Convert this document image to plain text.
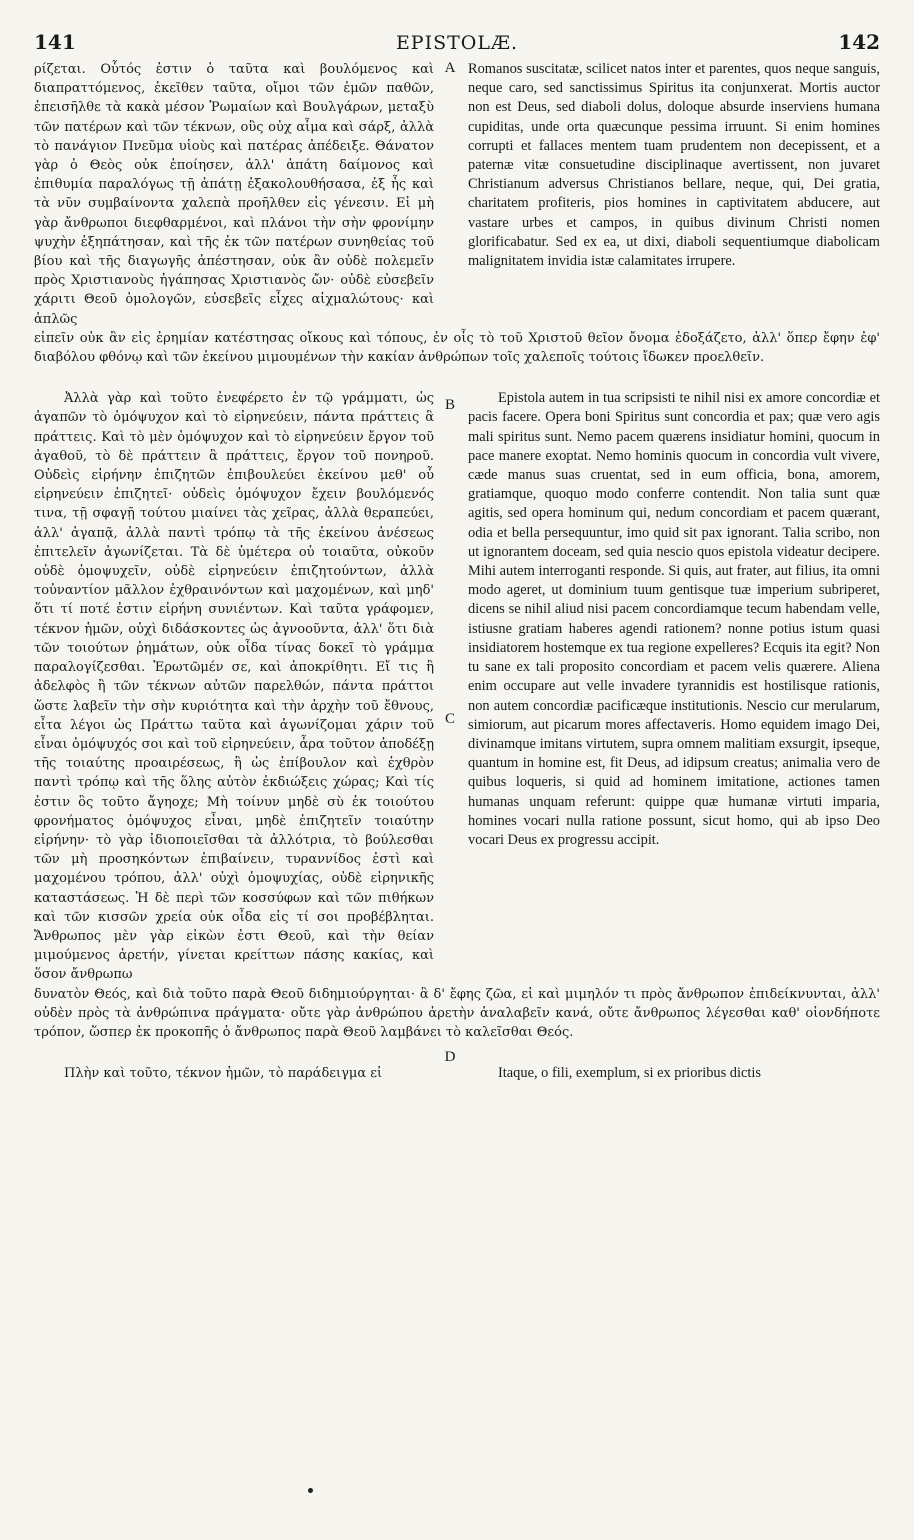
141	EPISTOLÆ.	142
A

ρίζεται. Οὗτός ἐστιν ὁ ταῦτα καὶ βουλόμενος καὶ διαπραττόμενος, ἐκεῖθεν ταῦτα, οἴμοι τῶν ἐμῶν παθῶν, ἐπεισῆλθε τὰ κακὰ μέσον Ῥωμαίων καὶ Βουλγάρων, μεταξὺ τῶν πατέρων καὶ τῶν τέκνων, οὓς οὐχ αἷμα καὶ σάρξ, ἀλλὰ τὸ πανάγιον Πνεῦμα υἱοὺς καὶ πατέρας ἀπέδειξε. Θάνατον γὰρ ὁ Θεὸς οὐκ ἐποίησεν, ἀλλ' ἀπάτη δαίμονος καὶ ἐπιθυμία παραλόγως τῇ ἀπάτῃ ἐξακολουθήσασα, ἐξ ἧς καὶ τὰ νῦν συμβαίνοντα χαλεπὰ προῆλθεν εἰς γένεσιν. Εἰ μὴ γὰρ ἄνθρωποι διεφθαρμένοι, καὶ πλάνοι τὴν σὴν φρονίμην ψυχὴν ἐξηπάτησαν, καὶ τῆς ἐκ τῶν πατέρων συνηθείας τοῦ βίου καὶ τῆς διαγωγῆς ἀπέστησαν, οὐκ ἂν οὐδὲ πολεμεῖν πρὸς Χριστιανοὺς ἠγάπησας Χριστιανὸς ὤν· οὐδὲ εὐσεβεῖν χάριτι Θεοῦ ὁμολογῶν, εὐσεβεῖς εἶχες αἰχμαλώτους· καὶ ἁπλῶς

Romanos suscitatæ, scilicet natos inter et parentes, quos neque sanguis, neque caro, sed sanctissimus Spiritus ita conjunxerat. Mortis auctor non est Deus, sed diaboli dolus, doloque absurde inserviens humana cupiditas, unde orta quæcunque pessima irruunt. Si enim homines corrupti et fallaces mentem tuam prudentem non decepissent, et a paternæ vitæ consuetudine disciplinaque avertissent, non juvaret Christianum adversus Christianos bellare, neque, qui, Dei gratia, charitatem profiteris, pios homines in captivitatem abducere, aut vastare urbes et campos, in quibus divinum Christi nomen glorificabatur. Sed ex ea, ut dixi, diaboli sequentiumque diabolicam malignitatem invidia istæ calamitates irrupere.

εἰπεῖν οὐκ ἂν εἰς ἐρημίαν κατέστησας οἴκους καὶ τόπους, ἐν οἷς τὸ τοῦ Χριστοῦ θεῖον ὄνομα ἐδοξάζετο, ἀλλ' ὅπερ ἔφην ἐφ' διαβόλου φθόνῳ καὶ τῶν ἐκείνου μιμουμένων τὴν κακίαν ἀνθρώπων τοῖς χαλεποῖς τούτοις ἴδωκεν προελθεῖν.

B
C
D

Ἀλλὰ γὰρ καὶ τοῦτο ἐνεφέρετο ἐν τῷ γράμματι, ὡς ἀγαπῶν τὸ ὁμόψυχον καὶ τὸ εἰρηνεύειν, πάντα πράττεις ἃ πράττεις. Καὶ τὸ μὲν ὁμόψυχον καὶ τὸ εἰρηνεύειν ἔργον τοῦ ἀγαθοῦ, τὸ δὲ πράττειν ἃ πράττεις, ἔργον τοῦ πονηροῦ. Οὐδεὶς εἰρήνην ἐπιζητῶν ἐπιβουλεύει ἐκείνου μεθ' οὗ εἰρηνεύειν ἐπιζητεῖ· οὐδεὶς ὁμόψυχον ἔχειν βουλόμενός τινα, τῇ σφαγῇ τούτου μιαίνει τὰς χεῖρας, ἀλλὰ θεραπεύει, ἀλλ' ἀγαπᾷ, ἀλλὰ παντὶ τρόπῳ τὰ τῆς ἐκείνου ἀνέσεως ἐπιτελεῖν ἀγωνίζεται. Τὰ δὲ ὑμέτερα οὐ τοιαῦτα, οὐκοῦν οὐδὲ ὁμοψυχεῖν, οὐδὲ εἰρηνεύειν ἐπιζητούντων, ἀλλὰ τοὐναντίον μᾶλλον ἐχθραινόντων καὶ μαχομένων, καὶ μηδ' ὅτι τί ποτέ ἐστιν εἰρήνη συνιέντων. Καὶ ταῦτα γράφομεν, τέκνον ἡμῶν, οὐχὶ διδάσκοντες ὡς ἀγνοοῦντα, ἀλλ' ὅτι διὰ τῶν τοιούτων ῥημάτων, οὐκ οἶδα τίνας δοκεῖ τὸ γράμμα παραλογίζεσθαι. Ἐρωτῶμέν σε, καὶ ἀποκρίθητι. Εἴ τις ἢ ἀδελφὸς ἢ τῶν τέκνων αὐτῶν παρελθών, πάντα πράττοι ὥστε λαβεῖν τὴν σὴν κυριότητα καὶ τὴν ἀρχὴν τοῦ ἔθνους, εἶτα λέγοι ὡς Πράττω ταῦτα καὶ ἀγωνίζομαι χάριν τοῦ εἶναι ὁμόψυχός σοι καὶ τοῦ εἰρηνεύειν, ἆρα τοῦτον ἀποδέξῃ τῆς τοιαύτης προαιρέσεως, ἢ ὡς ἐπίβουλον καὶ ἐχθρὸν παντὶ τρόπῳ καὶ τῆς ὅλης αὐτὸν ἐκδιώξεις χώρας; Καὶ τίς ἐστιν ὃς τοῦτο ἄγηοχε; Μὴ τοίνυν μηδὲ σὺ ἐκ τοιούτου φρονήματος ὁμόψυχος εἶναι, μηδὲ ἐπιζητεῖν τοιαύτην εἰρήνην· τὸ γὰρ ἰδιοποιεῖσθαι τὰ ἀλλότρια, τὸ βούλεσθαι τῶν μὴ προσηκόντων ἐπιβαίνειν, τυραννίδος ἐστὶ καὶ μαχομένου τρόπου, ἀλλ' οὐχὶ ὁμοψυχίας, οὐδὲ εἰρηνικῆς καταστάσεως. Ἡ δὲ περὶ τῶν κοσσύφων καὶ τῶν πιθήκων καὶ τῶν κισσῶν χρεία οὐκ οἶδα εἰς τί σοι προβέβληται. Ἄνθρωπος μὲν γὰρ εἰκὼν ἐστι Θεοῦ, καὶ τὴν θείαν μιμούμενος ἀρετήν, γίνεται κρείττων πάσης κακίας, καὶ ὅσον ἄνθρωπω

Epistola autem in tua scripsisti te nihil nisi ex amore concordiæ et pacis facere. Opera boni Spiritus sunt concordia et pax; quæ vero agis mali spiritus sunt. Nemo pacem quærens insidiatur homini, quocum in pace manere exoptat. Nemo hominis quocum in concordia vult vivere, cæde manus suas cruentat, sed in eum officia, bona, amorem, gratiamque, quoquo modo conferre contendit. Non talia sunt quæ agitis, sed opera hominum qui, nedum concordiam et pacem quærant, odia et bella persequuntur, imo quid sit pax ignorant. Talia scribo, non ut ignorantem doceam, sed quia nescio quos epistola videatur decipere. Mihi autem interroganti responde. Si quis, aut frater, aut filius, ita omni modo ageret, ut dominium tuum gentisque tuæ imperium subriperet, dicens se nihil aliud nisi pacem concordiamque tecum habendam velle, istiusne gratiam haberes agendi rationem? nonne potius istum quasi insidiatorem hostemque ex tua regione expelleres? Ecquis ita egit? Non tu sane ex tali proposito concordiam et pacem velis quærere. Aliena enim occupare aut velle invadere tyrannidis est hostilisque rationis, non autem concordiæ pacificæque institutionis. Nescio cur merularum, simiorum, aut picarum mores affectaveris. Homo equidem imago Dei, divinamque imitans virtutem, supra omnem malitiam exsurgit, ipseque, quantum in homine est, fit Deus, ad idipsum creatus; animalia vero de quibus loqueris, si quid ad hominem imitatione, actiones tamen humanas unquam referunt: quippe quæ humanæ virtuti imparia, homines vocari nulla ratione possunt, sicut homo, qui ab ipso Deo vocari Deus ex progressu accipit.

δυνατὸν Θεός, καὶ διὰ τοῦτο παρὰ Θεοῦ διδημιούργηται· ἃ δ' ἔφης ζῶα, εἰ καὶ μιμηλόν τι πρὸς ἄνθρωπον ἐπιδείκνυνται, ἀλλ' οὐδὲν πρὸς τὰ ἀνθρώπινα πράγματα· οὔτε γὰρ ἀνθρώπου ἀρετὴν ἀναλαβεῖν κανά, οὔτε ἄνθρωπος λέγεσθαι καθ' οἱονδήποτε τρόπον, ὥσπερ ἐκ προκοπῆς ὁ ἄνθρωπος παρὰ Θεοῦ λαμβάνει τὸ καλεῖσθαι Θεός.

Πλὴν καὶ τοῦτο, τέκνον ἡμῶν, τὸ παράδειγμα εἰ	Itaque, o fili, exemplum, si ex prioribus dictis
